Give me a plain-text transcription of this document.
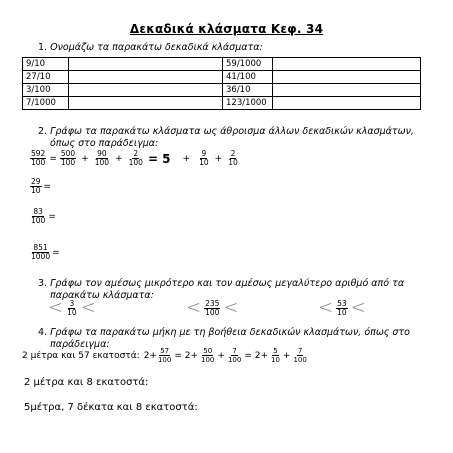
Δεκαδικά κλάσματα Κεφ. 34
1. Ονομάζω τα παρακάτω δεκαδικά κλάσματα:
9/10		59/1000	
27/10		41/100	
3/100		36/10	
7/1000		123/1000	
2. Γράφω τα παρακάτω κλάσματα ως άθροισμα άλλων δεκαδικών κλασμάτων,
όπως στο παράδειγμα:
$\frac{592}{100} = \frac{500}{100} + \frac{90}{100} + \frac{2}{100} = 5 + \frac{9}{10} + \frac{2}{10}$
$\frac{29}{10}$ =
$\frac{83}{100}$ =
$\frac{851}{1000}$ =
3. Γράφω τον αμέσως μικρότερο και τον αμέσως μεγαλύτερο αριθμό από τα
παρακάτω κλάσματα:
< $\frac{3}{10}$ <	< $\frac{235}{100}$ <	< $\frac{53}{10}$ <
4. Γράφω τα παρακάτω μήκη με τη βοήθεια δεκαδικών κλασμάτων, όπως στο
παράδειγμα:
2 μέτρα και 57 εκατοστά: $2+ \frac{57}{100} = 2+ \frac{50}{100} + \frac{7}{100} = 2+ \frac{5}{10} + \frac{7}{100}$
2 μέτρα και 8 εκατοστά:
5μέτρα, 7 δέκατα και 8 εκατοστά:
